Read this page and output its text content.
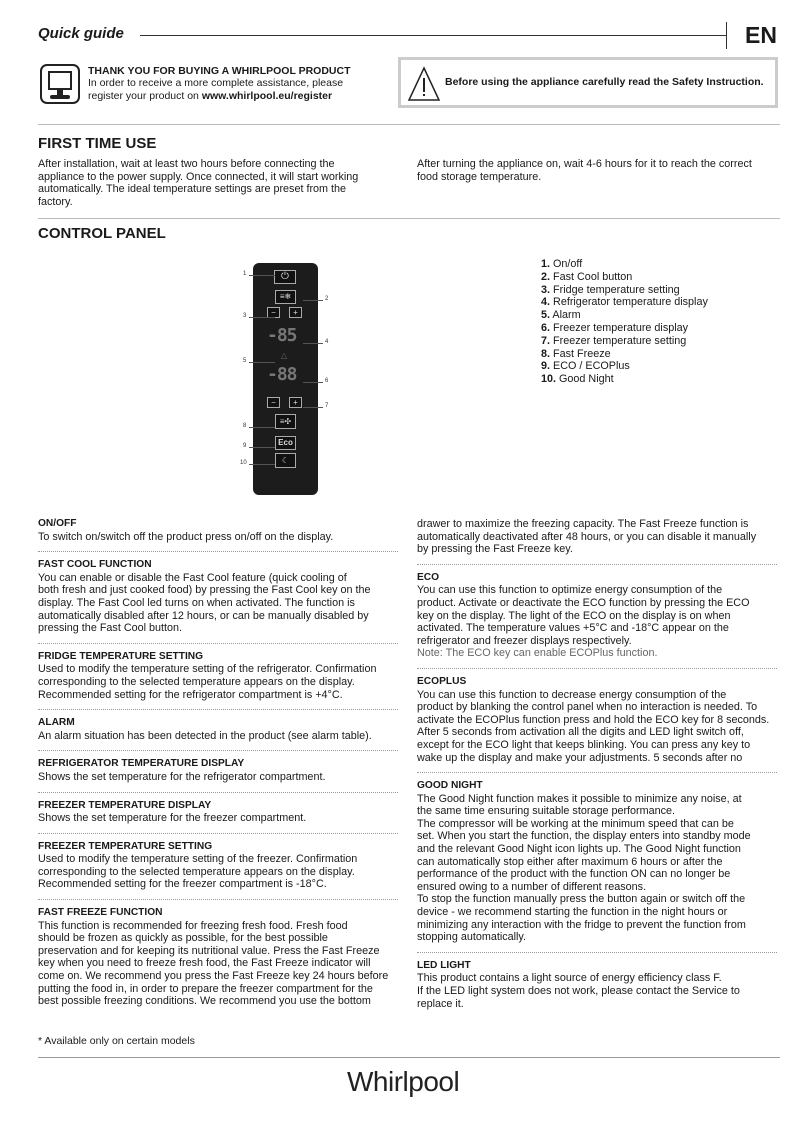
Quick guide	EN
THANK YOU FOR BUYING A WHIRLPOOL PRODUCT
In order to receive a more complete assistance, please
register your product on www.whirlpool.eu/register
Before using the appliance carefully read the Safety Instruction.
FIRST TIME USE
After installation, wait at least two hours before connecting the
appliance to the power supply. Once connected, it will start working
automatically. The ideal temperature settings are preset from the
factory.
After turning the appliance on, wait 4-6 hours for it to reach the correct
food storage temperature.
CONTROL PANEL
⏻
≡❄
−	+
-85
△
-88
−	+
≡✣
Eco
☾
1
2
3
4
5
6
7
8
9
10
1. On/off
2. Fast Cool button
3. Fridge temperature setting
4. Refrigerator temperature display
5. Alarm
6. Freezer temperature display
7. Freezer temperature setting
8. Fast Freeze
9. ECO / ECOPlus
10. Good Night
ON/OFF
To switch on/switch off the product press on/off on the display.
FAST COOL FUNCTION
You can enable or disable the Fast Cool feature (quick cooling of
both fresh and just cooked food) by pressing the Fast Cool key on the
display. The Fast Cool led turns on when activated. The function is
automatically disabled after 12 hours, or can be manually disabled by
pressing the Fast Cool button.
FRIDGE TEMPERATURE SETTING
Used to modify the temperature setting of the refrigerator. Confirmation
corresponding to the selected temperature appears on the display.
Recommended setting for the refrigerator compartment is +4°C.
ALARM
An alarm situation has been detected in the product (see alarm table).
REFRIGERATOR TEMPERATURE DISPLAY
Shows the set temperature for the refrigerator compartment.
FREEZER TEMPERATURE DISPLAY
Shows the set temperature for the freezer compartment.
FREEZER TEMPERATURE SETTING
Used to modify the temperature setting of the freezer. Confirmation
corresponding to the selected temperature appears on the display.
Recommended setting for the freezer compartment is -18°C.
FAST FREEZE FUNCTION
This function is recommended for freezing fresh food. Fresh food
should be frozen as quickly as possible, for the best possible
preservation and for keeping its nutritional value. Press the Fast Freeze
key when you need to freeze fresh food, the Fast Freeze indicator will
come on. We recommend you press the Fast Freeze key 24 hours before
putting the food in, in order to prepare the freezer compartment for the
best possible freezing conditions. We recommend you use the bottom
drawer to maximize the freezing capacity. The Fast Freeze function is
automatically deactivated after 48 hours, or you can disable it manually
by pressing the Fast Freeze key.
ECO
You can use this function to optimize energy consumption of the
product. Activate or deactivate the ECO function by pressing the ECO
key on the display. The light of the ECO on the display is on when
activated. The temperature values +5°C and -18°C appear on the
refrigerator and freezer displays respectively.
Note: The ECO key can enable ECOPlus function.
ECOPLUS
You can use this function to decrease energy consumption of the
product by blanking the control panel when no interaction is needed. To
activate the ECOPlus function press and hold the ECO key for 8 seconds.
After 5 seconds from activation all the digits and LED light switch off,
except for the ECO light that keeps blinking. You can press any key to
wake up the display and make your adjustments. 5 seconds after no
GOOD NIGHT
The Good Night function makes it possible to minimize any noise, at
the same time ensuring suitable storage performance.
The compressor will be working at the minimum speed that can be
set. When you start the function, the display enters into standby mode
and the relevant Good Night icon lights up. The Good Night function
can automatically stop either after maximum 6 hours or after the
performance of the product with the function ON can no longer be
ensured owing to a number of different reasons.
To stop the function manually press the button again or switch off the
device - we recommend starting the function in the night hours or
minimizing any interaction with the fridge to prevent the function from
stopping automatically.
LED LIGHT
This product contains a light source of energy efficiency class F.
If the LED light system does not work, please contact the Service to
replace it.
* Available only on certain models
Whirlpool
